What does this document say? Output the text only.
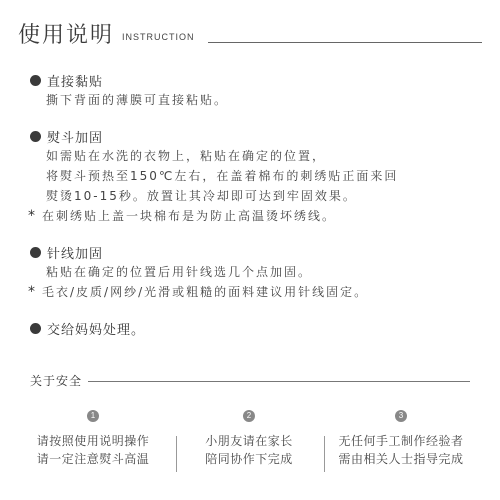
使用说明 INSTRUCTION
直接黏贴
撕下背面的薄膜可直接粘贴。
熨斗加固
如需贴在水洗的衣物上，粘贴在确定的位置，
将熨斗预热至150℃左右，在盖着棉布的刺绣贴正面来回
熨烫10-15秒。放置让其冷却即可达到牢固效果。
* 在刺绣贴上盖一块棉布是为防止高温烫坏绣线。
针线加固
粘贴在确定的位置后用针线选几个点加固。
* 毛衣/皮质/网纱/光滑或粗糙的面料建议用针线固定。
交给妈妈处理。
关于安全
1
请按照使用说明操作
请一定注意熨斗高温
2
小朋友请在家长
陪同协作下完成
3
无任何手工制作经验者
需由相关人士指导完成
